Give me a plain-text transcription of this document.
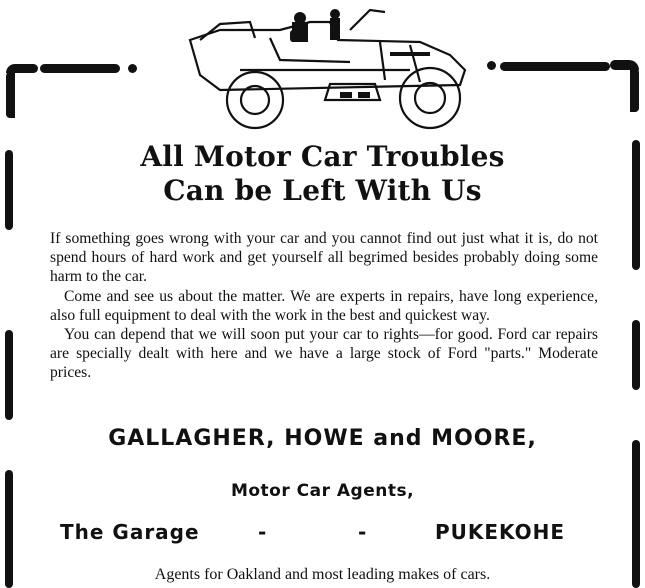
All Motor Car Troubles
Can be Left With Us

If something goes wrong with your car and you cannot find out just what it is, do not spend hours of hard work and get yourself all begrimed besides probably doing some harm to the car.

Come and see us about the matter. We are experts in repairs, have long experience, also full equipment to deal with the work in the best and quickest way.

You can depend that we will soon put your car to rights—for good. Ford car repairs are specially dealt with here and we have a large stock of Ford "parts." Moderate prices.

GALLAGHER, HOWE and MOORE,
Motor Car Agents,
The Garage	-	-	PUKEKOHE

Agents for Oakland and most leading makes of cars.
